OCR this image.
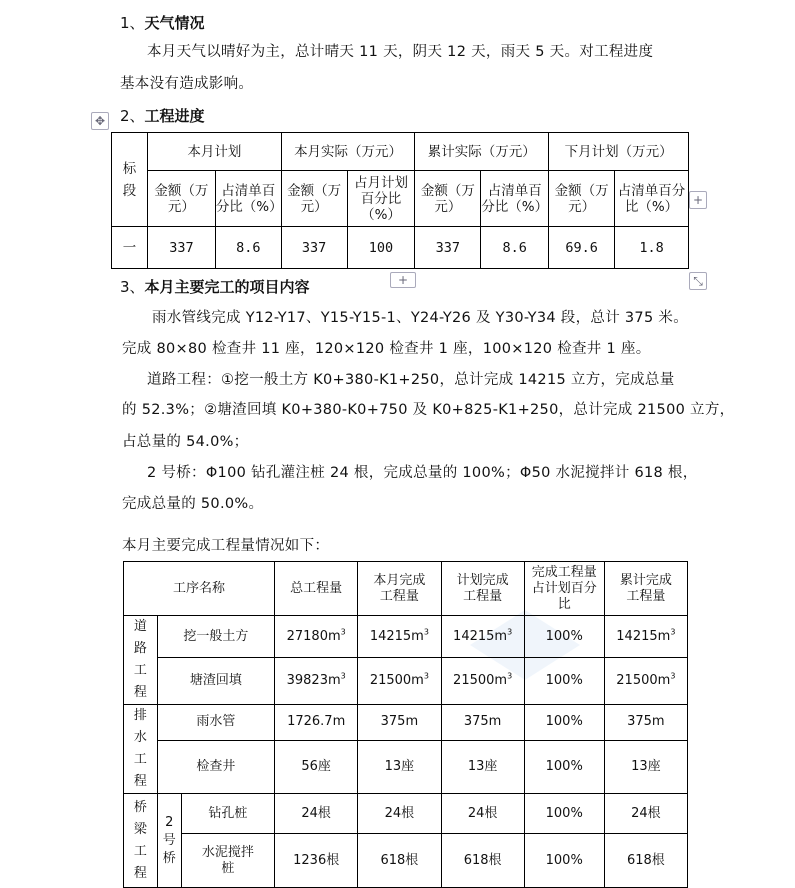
1、天气情况
本月天气以晴好为主，总计晴天 11 天，阴天 12 天，雨天 5 天。对工程进度
基本没有造成影响。
✥ 2、工程进度
标段	本月计划		本月实际（万元）		累计实际（万元）		下月计划（万元）	
	金额（万元）	占清单百分比（%）	金额（万元）	占月计划百分比（%）	金额（万元）	占清单百分比（%）	金额（万元）	占清单百分比（%）
一	337	8.6	337	100	337	8.6	69.6	1.8
+
+	⤡
3、本月主要完工的项目内容
雨水管线完成 Y12-Y17、Y15-Y15-1、Y24-Y26 及 Y30-Y34 段，总计 375 米。
完成 80×80 检查井 11 座，120×120 检查井 1 座，100×120 检查井 1 座。
道路工程：①挖一般土方 K0+380-K1+250，总计完成 14215 立方，完成总量
的 52.3%；②塘渣回填 K0+380-K0+750 及 K0+825-K1+250，总计完成 21500 立方，
占总量的 54.0%；
2 号桥：Φ100 钻孔灌注桩 24 根，完成总量的 100%；Φ50 水泥搅拌计 618 根，
完成总量的 50.0%。
本月主要完成工程量情况如下：
工序名称			总工程量	本月完成工程量	计划完成工程量	完成工程量占计划百分比	累计完成工程量
道路工程	挖一般土方		$27180m^3$	$14215m^3$	$14215m^3$	100%	$14215m^3$
	塘渣回填		$39823m^3$	$21500m^3$	$21500m^3$	100%	$21500m^3$
排水工程	雨水管		1726.7m	375m	375m	100%	375m
	检查井		56座	13座	13座	100%	13座
桥梁工程	2号桥	钻孔桩	24根	24根	24根	100%	24根
		水泥搅拌桩	1236根	618根	618根	100%	618根
